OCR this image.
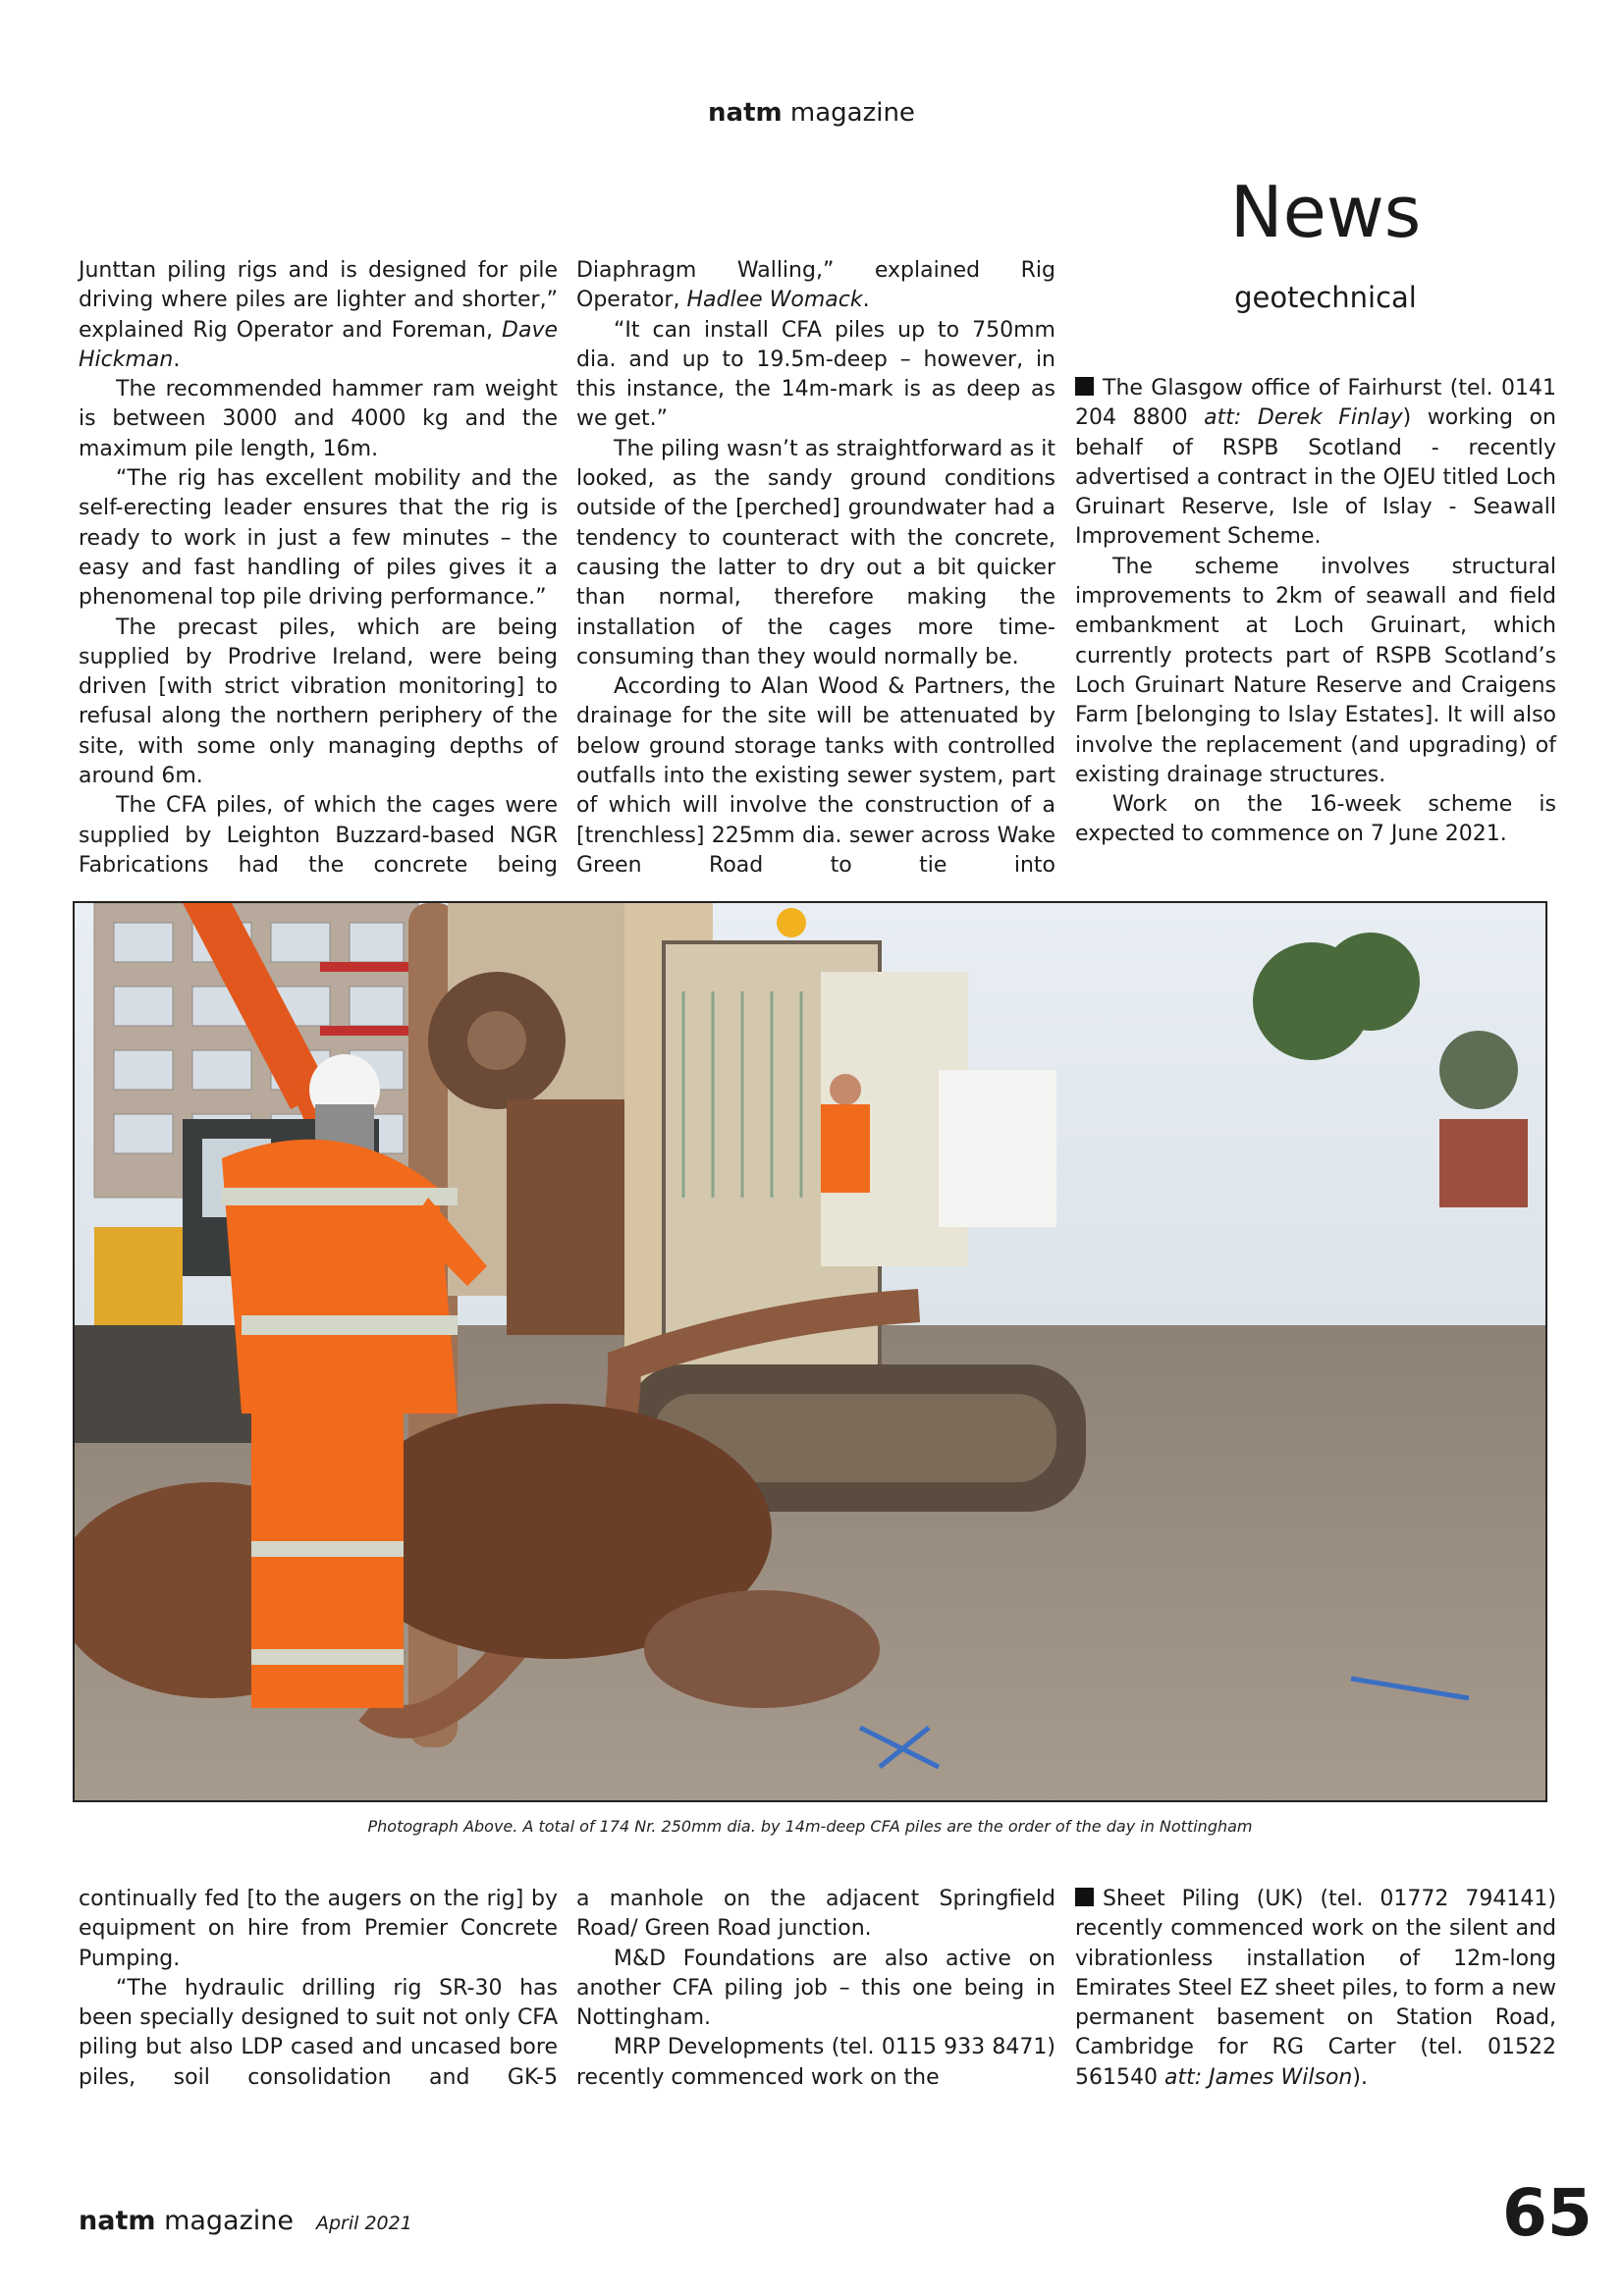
natm magazine
News
geotechnical

Junttan piling rigs and is designed for pile driving where piles are lighter and shorter,” explained Rig Operator and Foreman, Dave Hickman.

The recommended hammer ram weight is between 3000 and 4000 kg and the maximum pile length, 16m.

“The rig has excellent mobility and the self-erecting leader ensures that the rig is ready to work in just a few minutes – the easy and fast handling of piles gives it a phenomenal top pile driving performance.”

The precast piles, which are being supplied by Prodrive Ireland, were being driven [with strict vibration monitoring] to refusal along the northern periphery of the site, with some only managing depths of around 6m.

The CFA piles, of which the cages were supplied by Leighton Buzzard-based NGR Fabrications had the concrete being

Diaphragm Walling,” explained Rig Operator, Hadlee Womack.

“It can install CFA piles up to 750mm dia. and up to 19.5m-deep – however, in this instance, the 14m-mark is as deep as we get.”

The piling wasn’t as straightforward as it looked, as the sandy ground conditions outside of the [perched] groundwater had a tendency to counteract with the concrete, causing the latter to dry out a bit quicker than normal, therefore making the installation of the cages more time-consuming than they would normally be.

According to Alan Wood & Partners, the drainage for the site will be attenuated by below ground storage tanks with controlled outfalls into the existing sewer system, part of which will involve the construction of a [trenchless] 225mm dia. sewer across Wake Green Road to tie into

The Glasgow office of Fairhurst (tel. 0141 204 8800 att: Derek Finlay) working on behalf of RSPB Scotland - recently advertised a contract in the OJEU titled Loch Gruinart Reserve, Isle of Islay - Seawall Improvement Scheme.

The scheme involves structural improvements to 2km of seawall and field embankment at Loch Gruinart, which currently protects part of RSPB Scotland’s Loch Gruinart Nature Reserve and Craigens Farm [belonging to Islay Estates]. It will also involve the replacement (and upgrading) of existing drainage structures.

Work on the 16-week scheme is expected to commence on 7 June 2021.

Photograph Above. A total of 174 Nr. 250mm dia. by 14m-deep CFA piles are the order of the day in Nottingham

continually fed [to the augers on the rig] by equipment on hire from Premier Concrete Pumping.

“The hydraulic drilling rig SR-30 has been specially designed to suit not only CFA piling but also LDP cased and uncased bore piles, soil consolidation and GK-5

a manhole on the adjacent Springfield Road/ Green Road junction.

M&D Foundations are also active on another CFA piling job – this one being in Nottingham.

MRP Developments (tel. 0115 933 8471) recently commenced work on the

Sheet Piling (UK) (tel. 01772 794141) recently commenced work on the silent and vibrationless installation of 12m-long Emirates Steel EZ sheet piles, to form a new permanent basement on Station Road, Cambridge for RG Carter (tel. 01522 561540 att: James Wilson).

natm magazine April 2021	65
